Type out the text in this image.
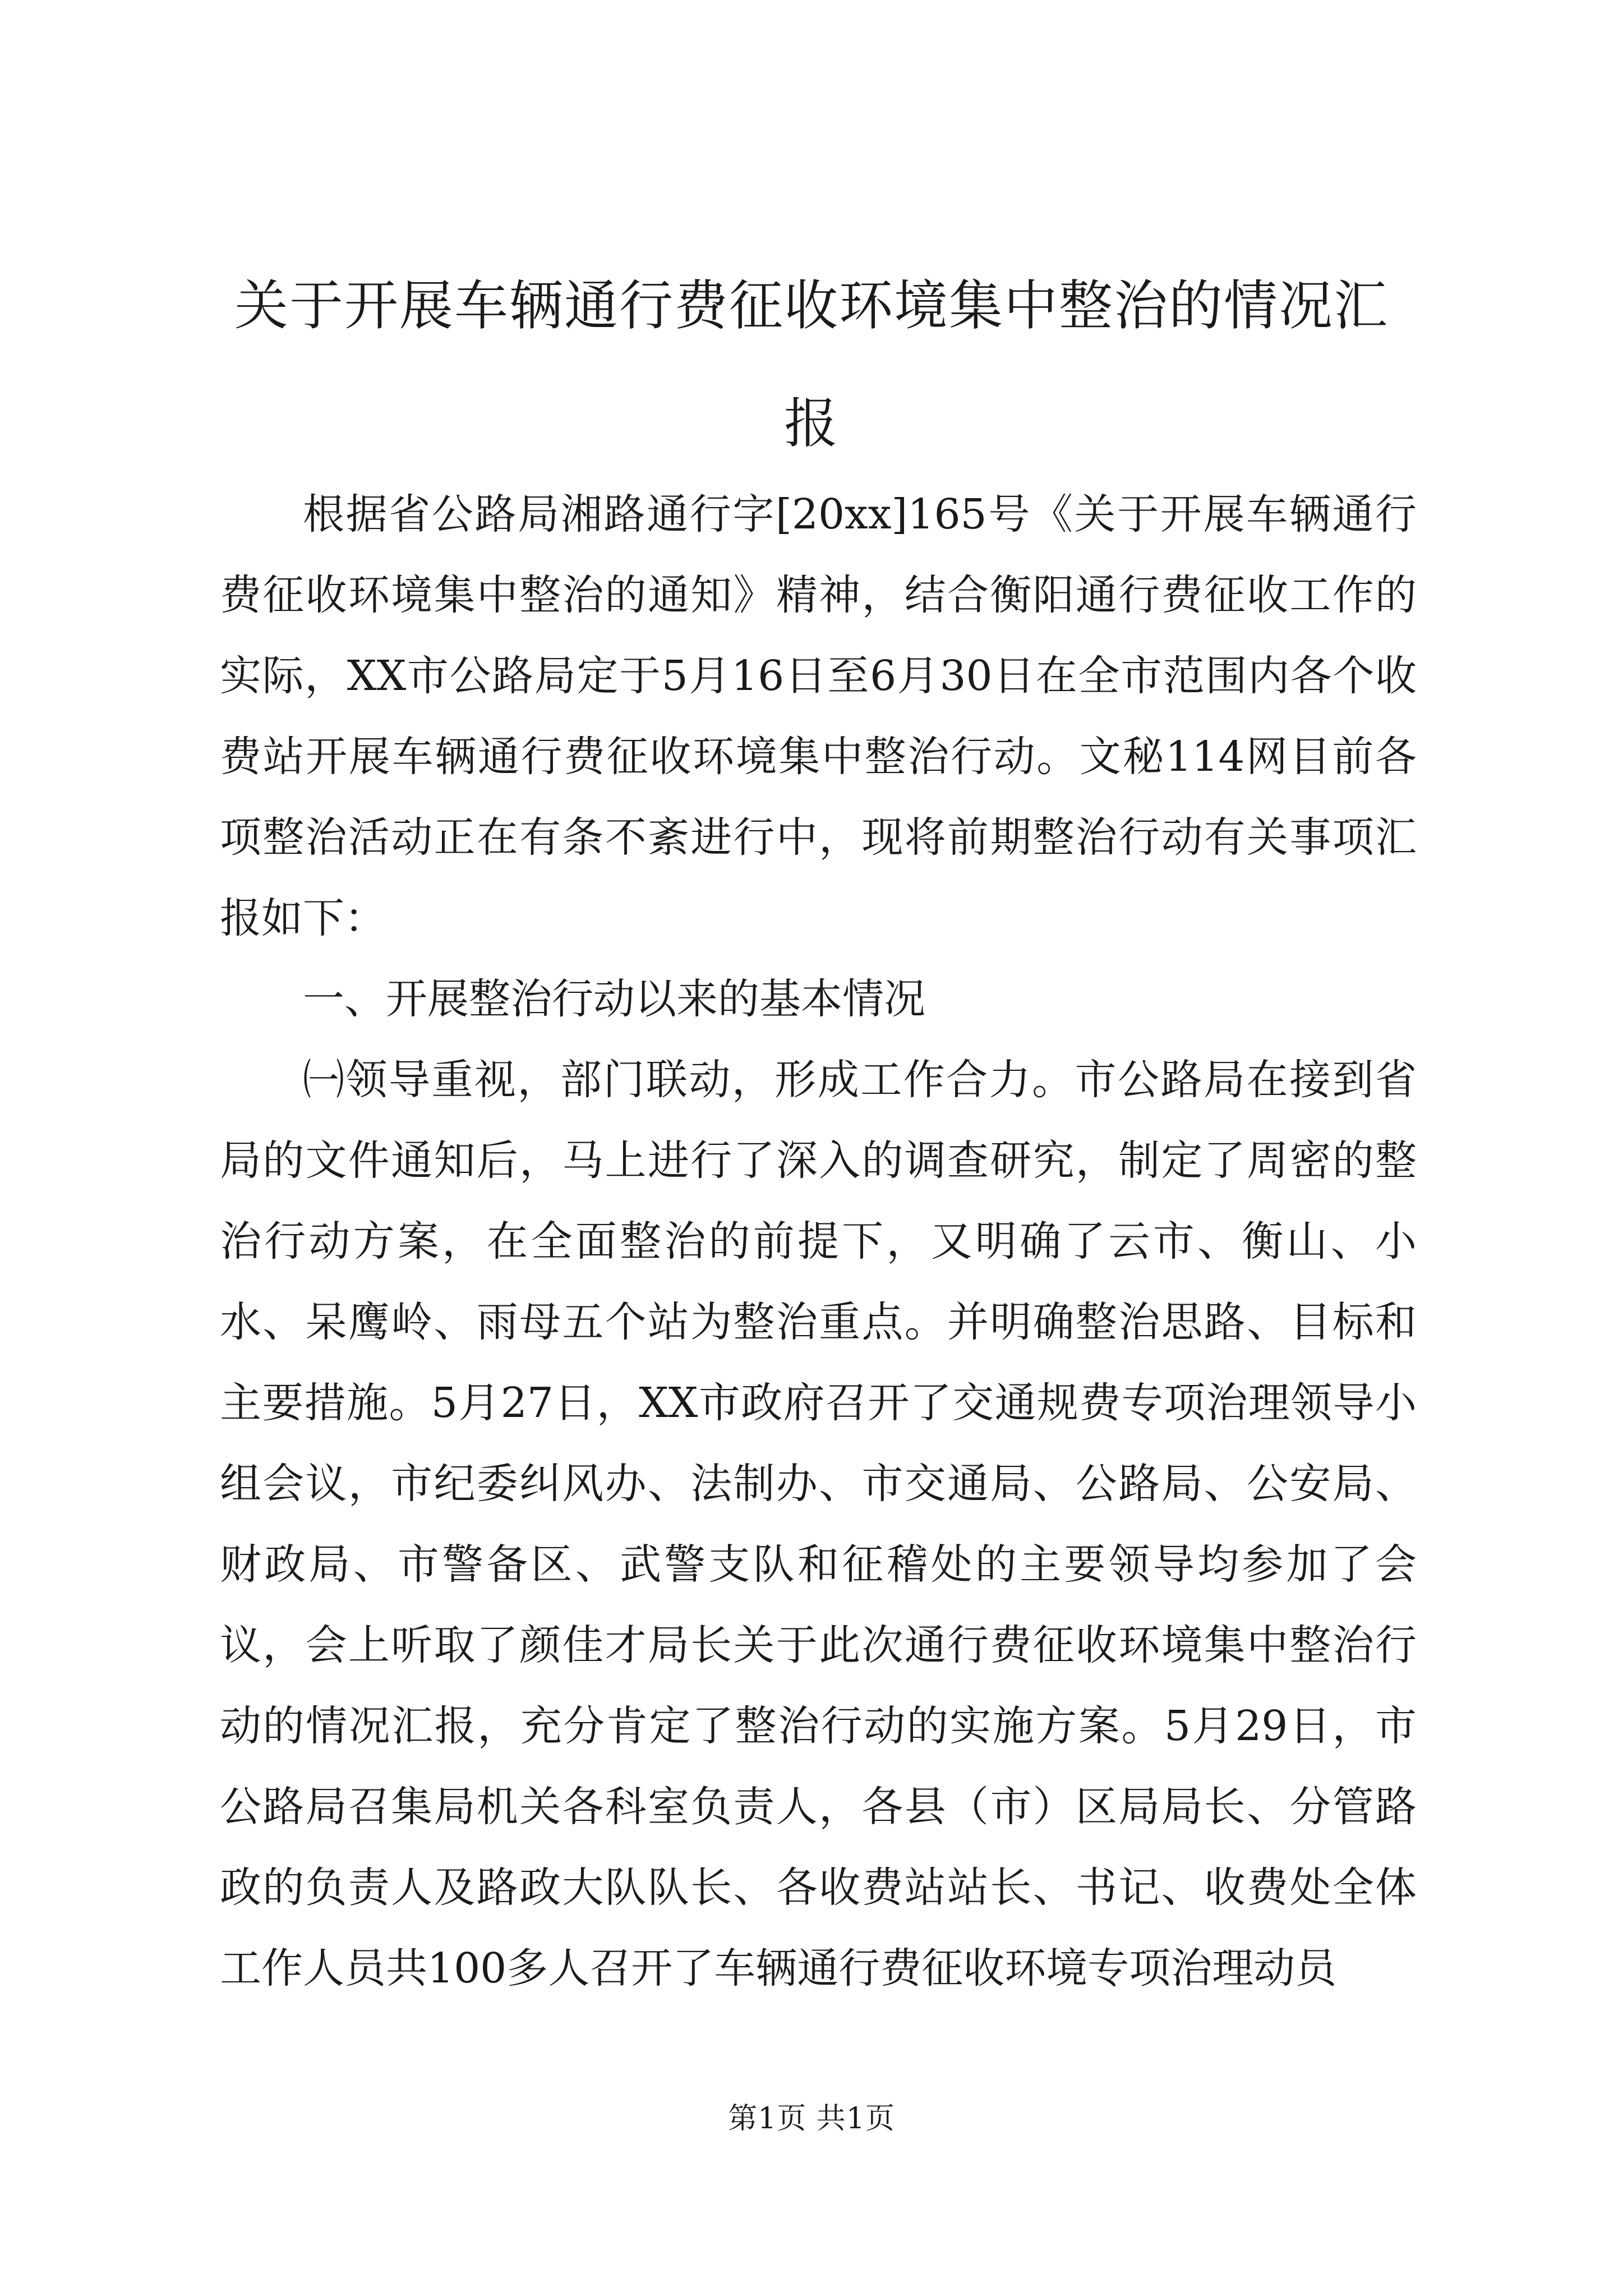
关于开展车辆通行费征收环境集中整治的情况汇报

根据省公路局湘路通行字[20xx]165号《关于开展车辆通行费征收环境集中整治的通知》精神，结合衡阳通行费征收工作的实际，XX市公路局定于5月16日至6月30日在全市范围内各个收费站开展车辆通行费征收环境集中整治行动。文秘114网目前各项整治活动正在有条不紊进行中，现将前期整治行动有关事项汇报如下：

一、开展整治行动以来的基本情况

㈠领导重视，部门联动，形成工作合力。市公路局在接到省局的文件通知后，马上进行了深入的调查研究，制定了周密的整治行动方案，在全面整治的前提下，又明确了云市、衡山、小水、呆鹰岭、雨母五个站为整治重点。并明确整治思路、目标和主要措施。5月27日，XX市政府召开了交通规费专项治理领导小组会议，市纪委纠风办、法制办、市交通局、公路局、公安局、财政局、市警备区、武警支队和征稽处的主要领导均参加了会议，会上听取了颜佳才局长关于此次通行费征收环境集中整治行动的情况汇报，充分肯定了整治行动的实施方案。5月29日，市公路局召集局机关各科室负责人，各县（市）区局局长、分管路政的负责人及路政大队队长、各收费站站长、书记、收费处全体工作人员共100多人召开了车辆通行费征收环境专项治理动员

第1页 共1页
